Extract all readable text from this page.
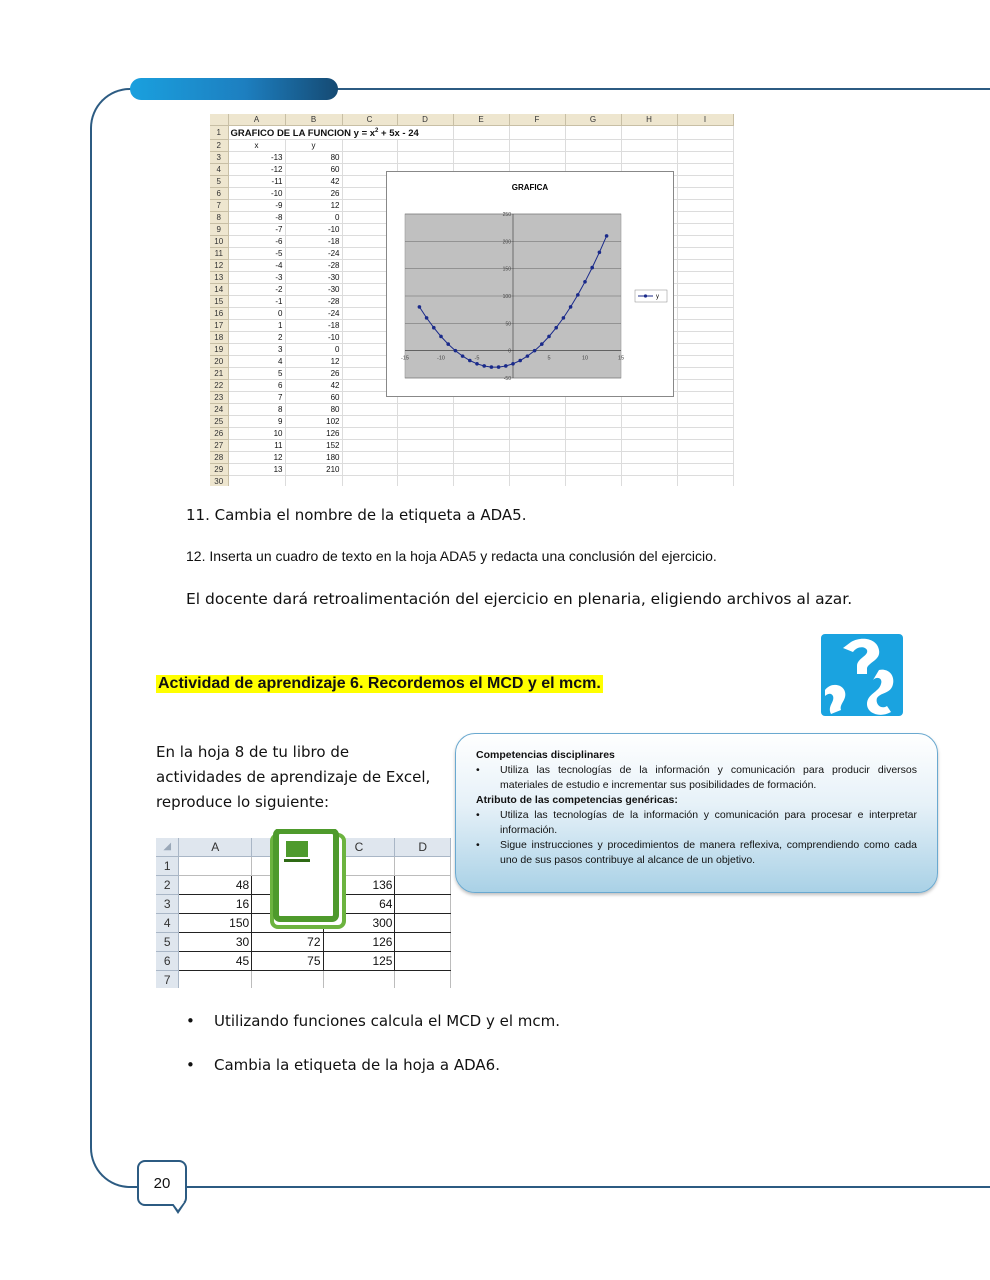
	A	B	C	D	E	F	G	H	I
1	GRAFICO DE LA FUNCION $y = x^2 + 5x - 24$								
2	x	y							
3	-13	80							
4	-12	60							
5	-11	42							
6	-10	26							
7	-9	12							
8	-8	0							
9	-7	-10							
10	-6	-18							
11	-5	-24							
12	-4	-28							
13	-3	-30							
14	-2	-30							
15	-1	-28							
16	0	-24							
17	1	-18							
18	2	-10							
19	3	0							
20	4	12							
21	5	26							
22	6	42							
23	7	60							
24	8	80							
25	9	102							
26	10	126							
27	11	152							
28	12	180							
29	13	210							
30									
GRAFICA
250
200
150
100
50
0
-50
-15	-10	-5	5	10	15
y
11. Cambia el nombre de la etiqueta a ADA5.
12. Inserta un cuadro de texto en la hoja ADA5 y redacta una conclusión del ejercicio.
El docente dará retroalimentación del ejercicio en plenaria, eligiendo archivos al azar.
Actividad de aprendizaje 6. Recordemos el MCD y el mcm.
En la hoja 8 de tu libro de
actividades de aprendizaje de Excel,
reproduce lo siguiente:
Competencias disciplinares
• Utiliza las tecnologías de la información y comunicación para producir diversos materiales de estudio e incrementar sus posibilidades de formación.
Atributo de las competencias genéricas:
• Utiliza las tecnologías de la información y comunicación para procesar e interpretar información.
• Sigue instrucciones y procedimientos de manera reflexiva, comprendiendo como cada uno de sus pasos contribuye al alcance de un objetivo.
◢	A		C	D
1				
2	48		136	
3	16		64	
4	150		300	
5	30	72	126	
6	45	75	125	
7				
• Utilizando funciones calcula el MCD y el mcm.
• Cambia la etiqueta de la hoja a ADA6.
20
